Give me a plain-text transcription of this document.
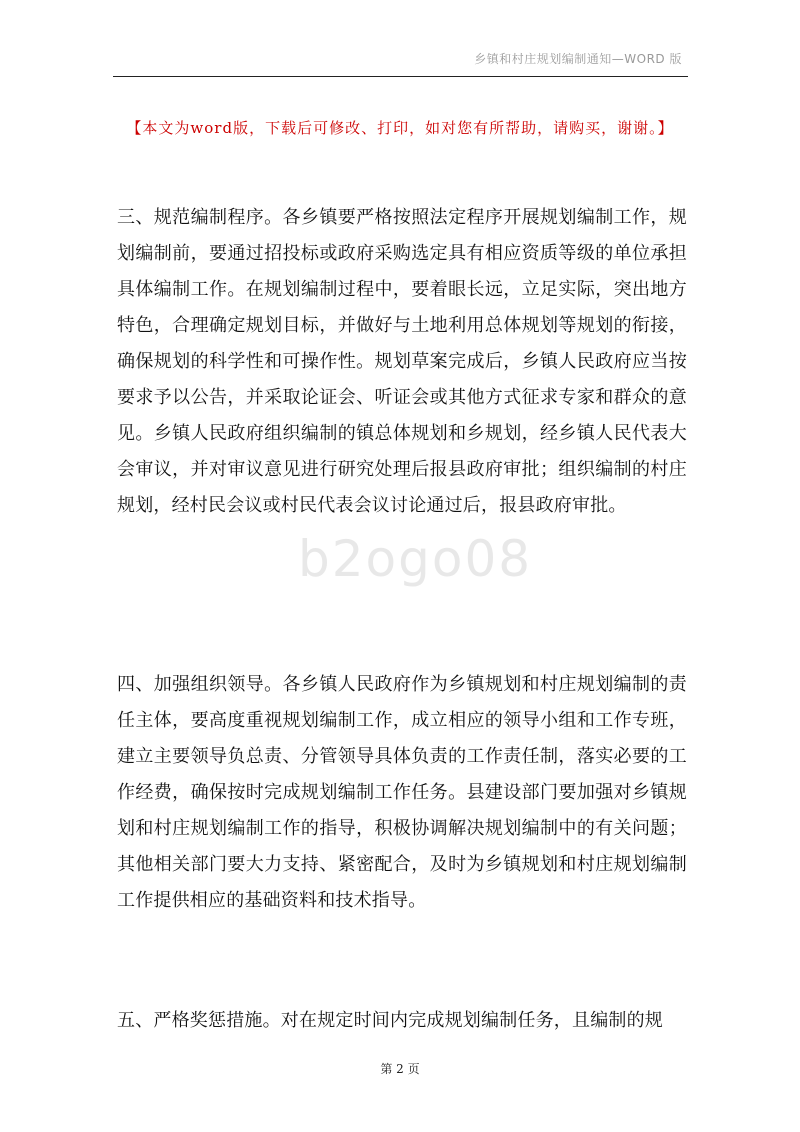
乡镇和村庄规划编制通知—WORD 版
【本文为word版，下载后可修改、打印，如对您有所帮助，请购买，谢谢。】

三、规范编制程序。各乡镇要严格按照法定程序开展规划编制工作，规划编制前，要通过招投标或政府采购选定具有相应资质等级的单位承担具体编制工作。在规划编制过程中，要着眼长远，立足实际，突出地方特色，合理确定规划目标，并做好与土地利用总体规划等规划的衔接，确保规划的科学性和可操作性。规划草案完成后，乡镇人民政府应当按要求予以公告，并采取论证会、听证会或其他方式征求专家和群众的意见。乡镇人民政府组织编制的镇总体规划和乡规划，经乡镇人民代表大会审议，并对审议意见进行研究处理后报县政府审批；组织编制的村庄规划，经村民会议或村民代表会议讨论通过后，报县政府审批。

四、加强组织领导。各乡镇人民政府作为乡镇规划和村庄规划编制的责任主体，要高度重视规划编制工作，成立相应的领导小组和工作专班，建立主要领导负总责、分管领导具体负责的工作责任制，落实必要的工作经费，确保按时完成规划编制工作任务。县建设部门要加强对乡镇规划和村庄规划编制工作的指导，积极协调解决规划编制中的有关问题；其他相关部门要大力支持、紧密配合，及时为乡镇规划和村庄规划编制工作提供相应的基础资料和技术指导。

五、严格奖惩措施。对在规定时间内完成规划编制任务，且编制的规

b2ogo08
第 2 页
